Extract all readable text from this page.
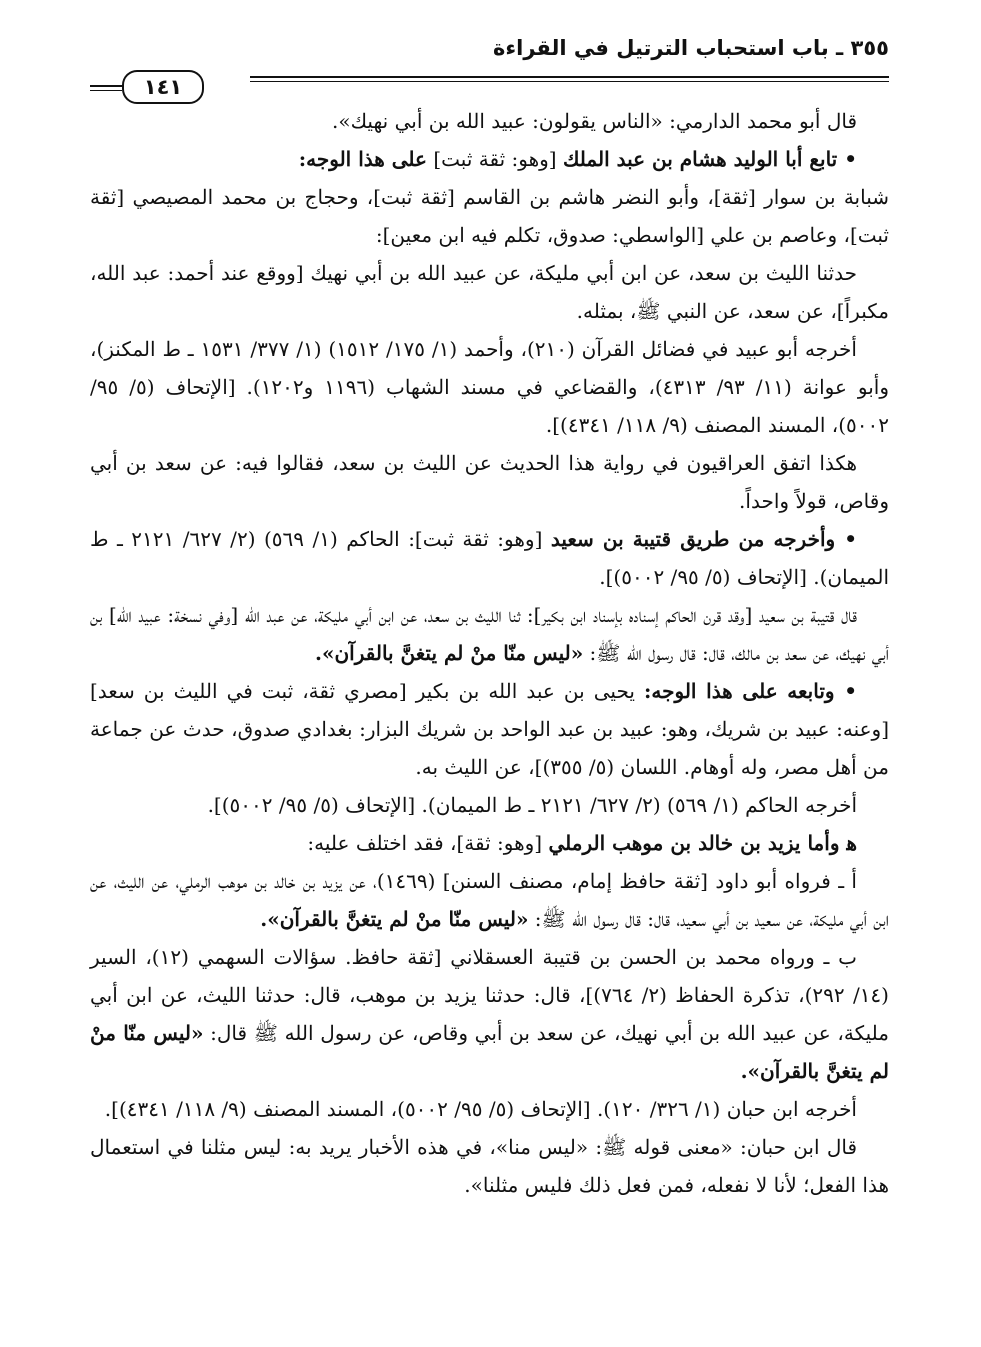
٣٥٥ ـ باب استحباب الترتيل في القراءة
١٤١

قال أبو محمد الدارمي: «الناس يقولون: عبيد الله بن أبي نهيك».

• تابع أبا الوليد هشام بن عبد الملك [وهو: ثقة ثبت] على هذا الوجه:

شبابة بن سوار [ثقة]، وأبو النضر هاشم بن القاسم [ثقة ثبت]، وحجاج بن محمد المصيصي [ثقة ثبت]، وعاصم بن علي [الواسطي: صدوق، تكلم فيه ابن معين]:

حدثنا الليث بن سعد، عن ابن أبي مليكة، عن عبيد الله بن أبي نهيك [ووقع عند أحمد: عبد الله، مكبراً]، عن سعد، عن النبي ﷺ، بمثله.

أخرجه أبو عبيد في فضائل القرآن (٢١٠)، وأحمد (١/ ١٧٥/ ١٥١٢) (١/ ٣٧٧/ ١٥٣١ ـ ط المكنز)، وأبو عوانة (١١/ ٩٣/ ٤٣١٣)، والقضاعي في مسند الشهاب (١١٩٦ و١٢٠٢). [الإتحاف (٥/ ٩٥/ ٥٠٠٢)، المسند المصنف (٩/ ١١٨/ ٤٣٤١)].

هكذا اتفق العراقيون في رواية هذا الحديث عن الليث بن سعد، فقالوا فيه: عن سعد بن أبي وقاص، قولاً واحداً.

• وأخرجه من طريق قتيبة بن سعيد [وهو: ثقة ثبت]: الحاكم (١/ ٥٦٩) (٢/ ٦٢٧/ ٢١٢١ ـ ط الميمان). [الإتحاف (٥/ ٩٥/ ٥٠٠٢)].

قال قتيبة بن سعيد [وقد قرن الحاكم إسناده بإسناد ابن بكير]: ثنا الليث بن سعد، عن ابن أبي مليكة، عن عبد الله [وفي نسخة: عبيد الله] بن أبي نهيك، عن سعد بن مالك، قال: قال رسول الله ﷺ: «ليس منّا منْ لم يتغنَّ بالقرآن».

• وتابعه على هذا الوجه: يحيى بن عبد الله بن بكير [مصري ثقة، ثبت في الليث بن سعد] [وعنه: عبيد بن شريك، وهو: عبيد بن عبد الواحد بن شريك البزار: بغدادي صدوق، حدث عن جماعة من أهل مصر، وله أوهام. اللسان (٥/ ٣٥٥)]، عن الليث به.

أخرجه الحاكم (١/ ٥٦٩) (٢/ ٦٢٧/ ٢١٢١ ـ ط الميمان). [الإتحاف (٥/ ٩٥/ ٥٠٠٢)].

ﻫ وأما يزيد بن خالد بن موهب الرملي [وهو: ثقة]، فقد اختلف عليه:

أ ـ فرواه أبو داود [ثقة حافظ إمام، مصنف السنن] (١٤٦٩)، عن يزيد بن خالد بن موهب الرملي، عن الليث، عن ابن أبي مليكة، عن سعيد بن أبي سعيد، قال: قال رسول الله ﷺ: «ليس منّا منْ لم يتغنَّ بالقرآن».

ب ـ ورواه محمد بن الحسن بن قتيبة العسقلاني [ثقة حافظ. سؤالات السهمي (١٢)، السير (١٤/ ٢٩٢)، تذكرة الحفاظ (٢/ ٧٦٤)]، قال: حدثنا يزيد بن موهب، قال: حدثنا الليث، عن ابن أبي مليكة، عن عبيد الله بن أبي نهيك، عن سعد بن أبي وقاص، عن رسول الله ﷺ قال: «ليس منّا منْ لم يتغنَّ بالقرآن».

أخرجه ابن حبان (١/ ٣٢٦/ ١٢٠). [الإتحاف (٥/ ٩٥/ ٥٠٠٢)، المسند المصنف (٩/ ١١٨/ ٤٣٤١)].

قال ابن حبان: «معنى قوله ﷺ: «ليس منا»، في هذه الأخبار يريد به: ليس مثلنا في استعمال هذا الفعل؛ لأنا لا نفعله، فمن فعل ذلك فليس مثلنا».
